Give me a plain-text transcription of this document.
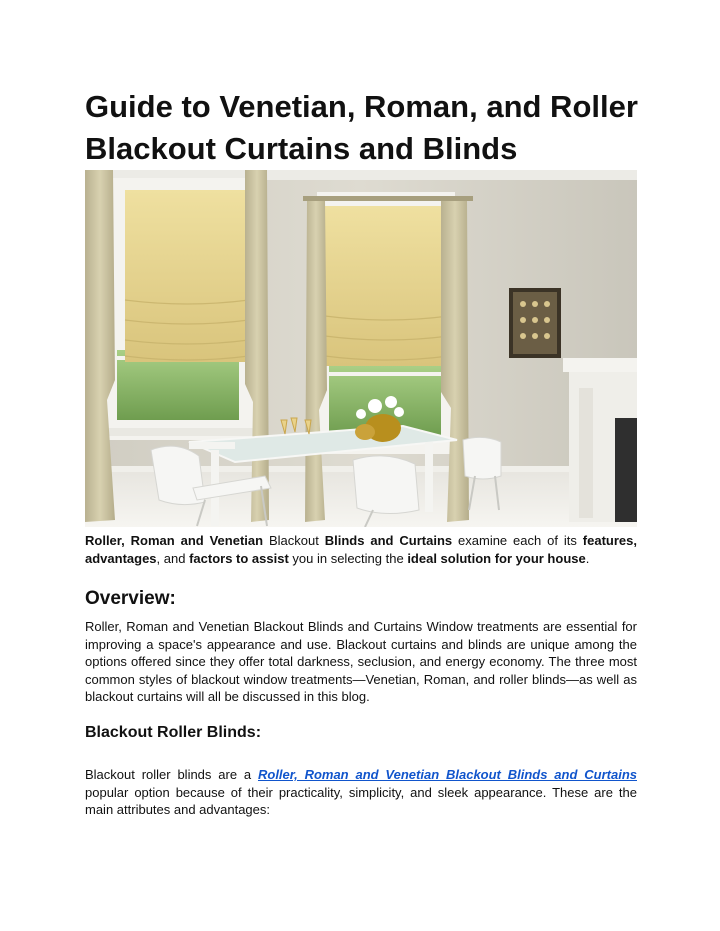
Guide to Venetian, Roman, and Roller Blackout Curtains and Blinds

Roller, Roman and Venetian Blackout Blinds and Curtains examine each of its features, advantages, and factors to assist you in selecting the ideal solution for your house.

Overview:

Roller, Roman and Venetian Blackout Blinds and Curtains Window treatments are essential for improving a space's appearance and use. Blackout curtains and blinds are unique among the options offered since they offer total darkness, seclusion, and energy economy. The three most common styles of blackout window treatments—Venetian, Roman, and roller blinds—as well as blackout curtains will all be discussed in this blog.

Blackout Roller Blinds:

Blackout roller blinds are a Roller, Roman and Venetian Blackout Blinds and Curtains popular option because of their practicality, simplicity, and sleek appearance. These are the main attributes and advantages:
